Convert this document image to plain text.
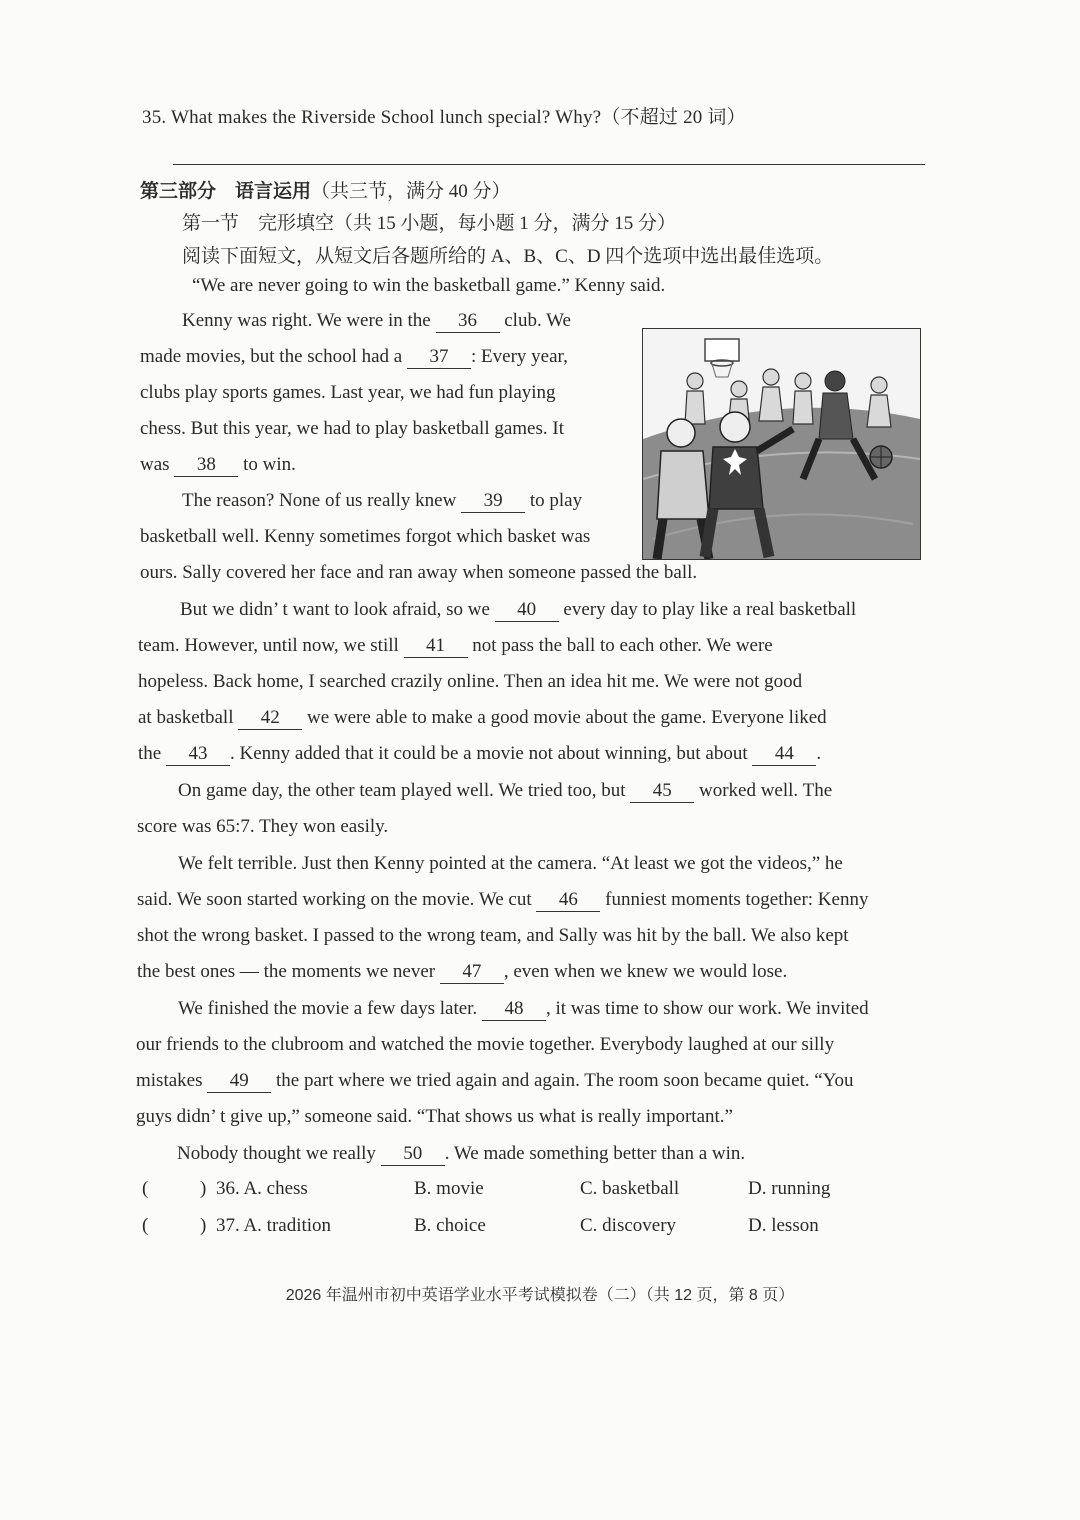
35. What makes the Riverside School lunch special? Why?（不超过 20 词）
第三部分　语言运用（共三节，满分 40 分）
第一节　完形填空（共 15 小题，每小题 1 分，满分 15 分）
阅读下面短文，从短文后各题所给的 A、B、C、D 四个选项中选出最佳选项。
“We are never going to win the basketball game.” Kenny said.
Kenny was right. We were in the 36 club. We
made movies, but the school had a 37 : Every year,
clubs play sports games. Last year, we had fun playing
chess. But this year, we had to play basketball games. It
was 38 to win.
The reason? None of us really knew 39 to play
basketball well. Kenny sometimes forgot which basket was
ours. Sally covered her face and ran away when someone passed the ball.
But we didn’ t want to look afraid, so we 40 every day to play like a real basketball
team. However, until now, we still 41 not pass the ball to each other. We were
hopeless. Back home, I searched crazily online. Then an idea hit me. We were not good
at basketball 42 we were able to make a good movie about the game. Everyone liked
the 43 . Kenny added that it could be a movie not about winning, but about 44 .
On game day, the other team played well. We tried too, but 45 worked well. The
score was 65:7. They won easily.
We felt terrible. Just then Kenny pointed at the camera. “At least we got the videos,” he
said. We soon started working on the movie. We cut 46 funniest moments together: Kenny
shot the wrong basket. I passed to the wrong team, and Sally was hit by the ball. We also kept
the best ones — the moments we never 47 , even when we knew we would lose.
We finished the movie a few days later. 48 , it was time to show our work. We invited
our friends to the clubroom and watched the movie together. Everybody laughed at our silly
mistakes 49 the part where we tried again and again. The room soon became quiet. “You
guys didn’ t give up,” someone said. “That shows us what is really important.”
Nobody thought we really 50 . We made something better than a win.
(	) 36. A. chess	B. movie	C. basketball	D. running
(	) 37. A. tradition	B. choice	C. discovery	D. lesson
2026 年温州市初中英语学业水平考试模拟卷（二）（共 12 页，第 8 页）
